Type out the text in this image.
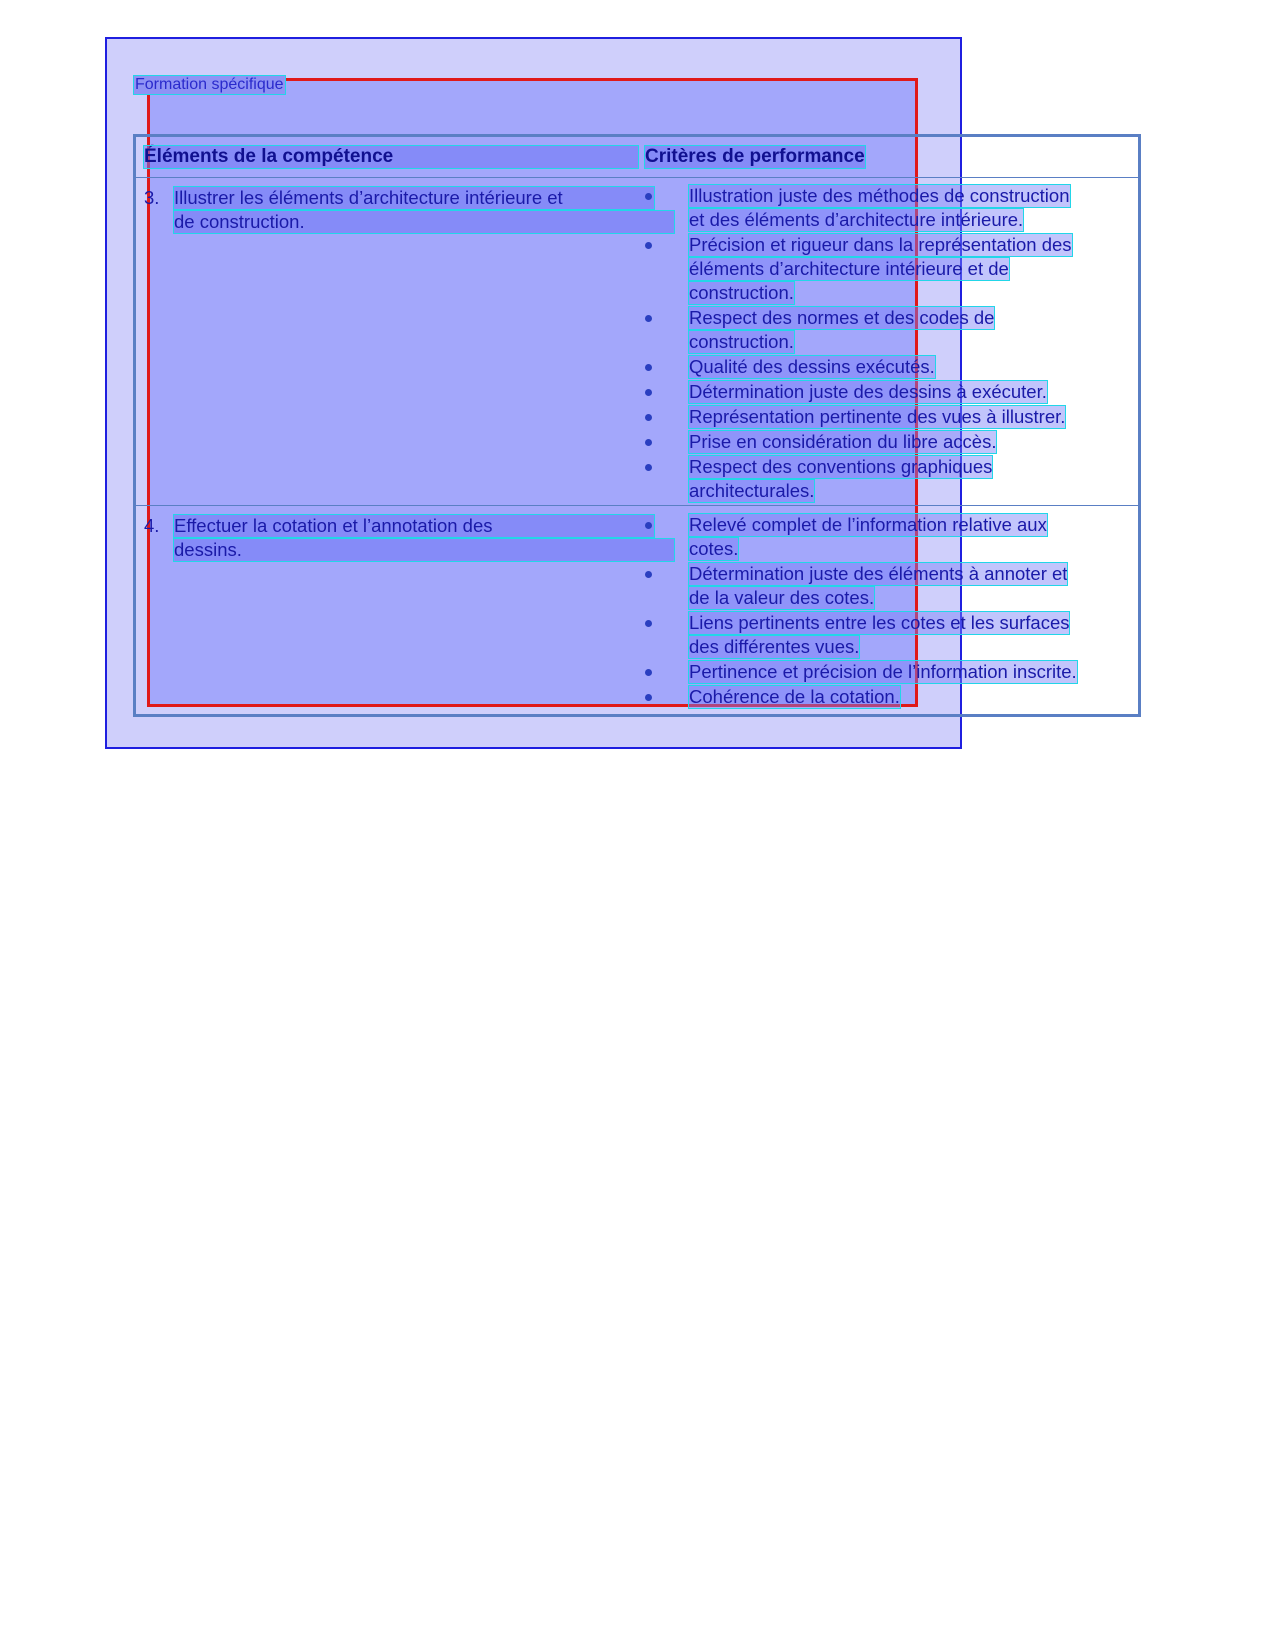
Formation spécifique
Éléments de la compétence	Critères de performance
3. Illustrer les éléments d’architecture intérieure et
de construction.
Illustration juste des méthodes de construction
et des éléments d’architecture intérieure.
Précision et rigueur dans la représentation des
éléments d’architecture intérieure et de
construction.
Respect des normes et des codes de
construction.
Qualité des dessins exécutés.
Détermination juste des dessins à exécuter.
Représentation pertinente des vues à illustrer.
Prise en considération du libre accès.
Respect des conventions graphiques
architecturales.
4. Effectuer la cotation et l’annotation des
dessins.
Relevé complet de l’information relative aux
cotes.
Détermination juste des éléments à annoter et
de la valeur des cotes.
Liens pertinents entre les cotes et les surfaces
des différentes vues.
Pertinence et précision de l’information inscrite.
Cohérence de la cotation.
